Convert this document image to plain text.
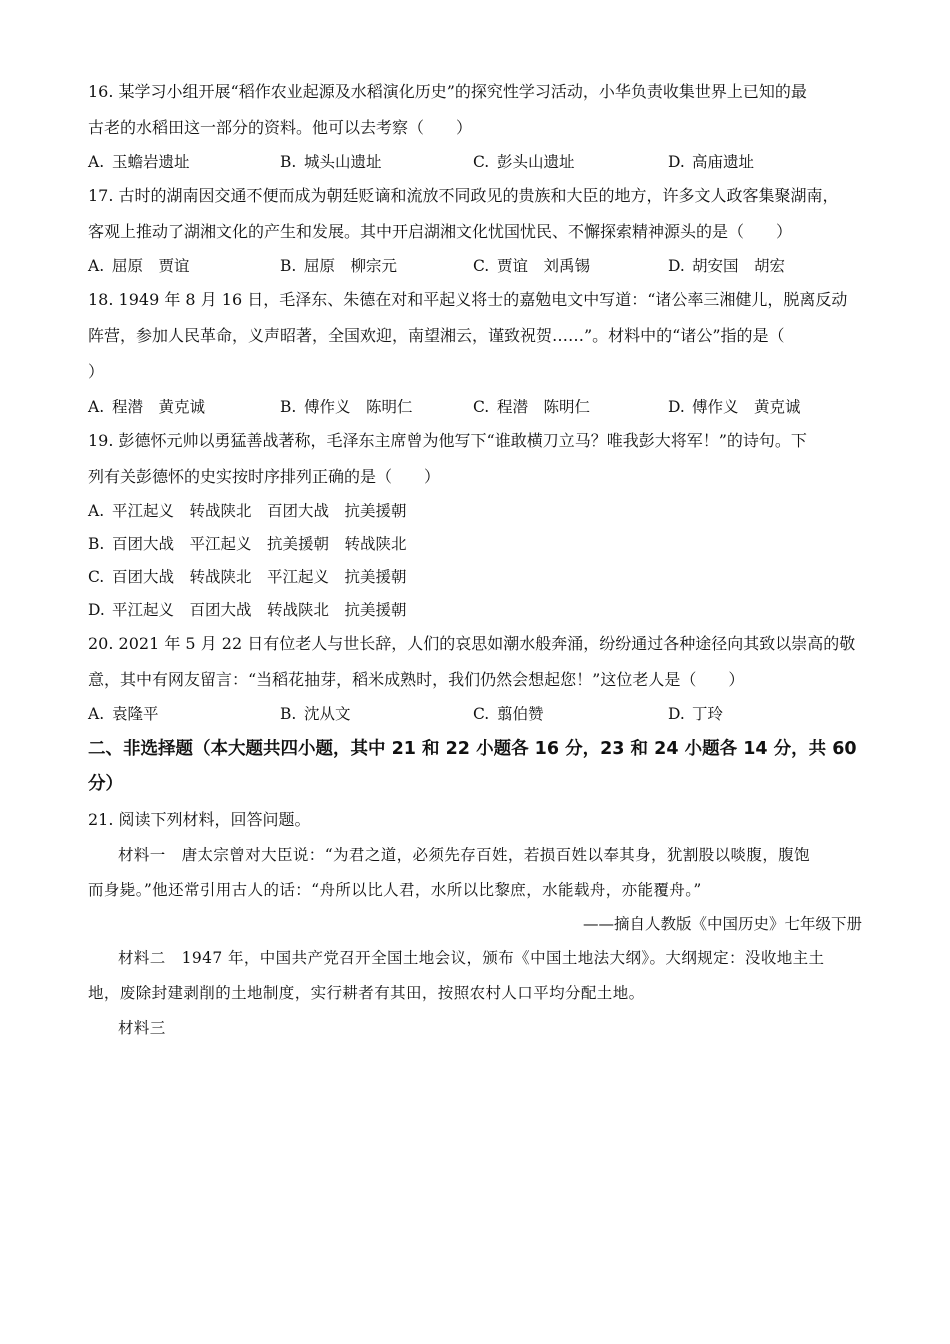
16. 某学习小组开展“稻作农业起源及水稻演化历史”的探究性学习活动，小华负责收集世界上已知的最
古老的水稻田这一部分的资料。他可以去考察（　　）
A. 玉蟾岩遗址	B. 城头山遗址	C. 彭头山遗址	D. 高庙遗址
17. 古时的湖南因交通不便而成为朝廷贬谪和流放不同政见的贵族和大臣的地方，许多文人政客集聚湖南，
客观上推动了湖湘文化的产生和发展。其中开启湖湘文化忧国忧民、不懈探索精神源头的是（　　）
A. 屈原　贾谊	B. 屈原　柳宗元	C. 贾谊　刘禹锡	D. 胡安国　胡宏
18. 1949 年 8 月 16 日，毛泽东、朱德在对和平起义将士的嘉勉电文中写道：“诸公率三湘健儿，脱离反动
阵营，参加人民革命，义声昭著，全国欢迎，南望湘云，谨致祝贺……”。材料中的“诸公”指的是（
）
A. 程潜　黄克诚	B. 傅作义　陈明仁	C. 程潜　陈明仁	D. 傅作义　黄克诚
19. 彭德怀元帅以勇猛善战著称，毛泽东主席曾为他写下“谁敢横刀立马？唯我彭大将军！”的诗句。下
列有关彭德怀的史实按时序排列正确的是（　　）
A. 平江起义　转战陕北　百团大战　抗美援朝
B. 百团大战　平江起义　抗美援朝　转战陕北
C. 百团大战　转战陕北　平江起义　抗美援朝
D. 平江起义　百团大战　转战陕北　抗美援朝
20. 2021 年 5 月 22 日有位老人与世长辞，人们的哀思如潮水般奔涌，纷纷通过各种途径向其致以崇高的敬
意，其中有网友留言：“当稻花抽芽，稻米成熟时，我们仍然会想起您！”这位老人是（　　）
A. 袁隆平	B. 沈从文	C. 翦伯赞	D. 丁玲
二、非选择题（本大题共四小题，其中 21 和 22 小题各 16 分，23 和 24 小题各 14 分，共 60
分）
21. 阅读下列材料，回答问题。
材料一　唐太宗曾对大臣说：“为君之道，必须先存百姓，若损百姓以奉其身，犹割股以啖腹，腹饱
而身毙。”他还常引用古人的话：“舟所以比人君，水所以比黎庶，水能载舟，亦能覆舟。”
——摘自人教版《中国历史》七年级下册
材料二　1947 年，中国共产党召开全国土地会议，颁布《中国土地法大纲》。大纲规定：没收地主土
地，废除封建剥削的土地制度，实行耕者有其田，按照农村人口平均分配土地。
材料三
